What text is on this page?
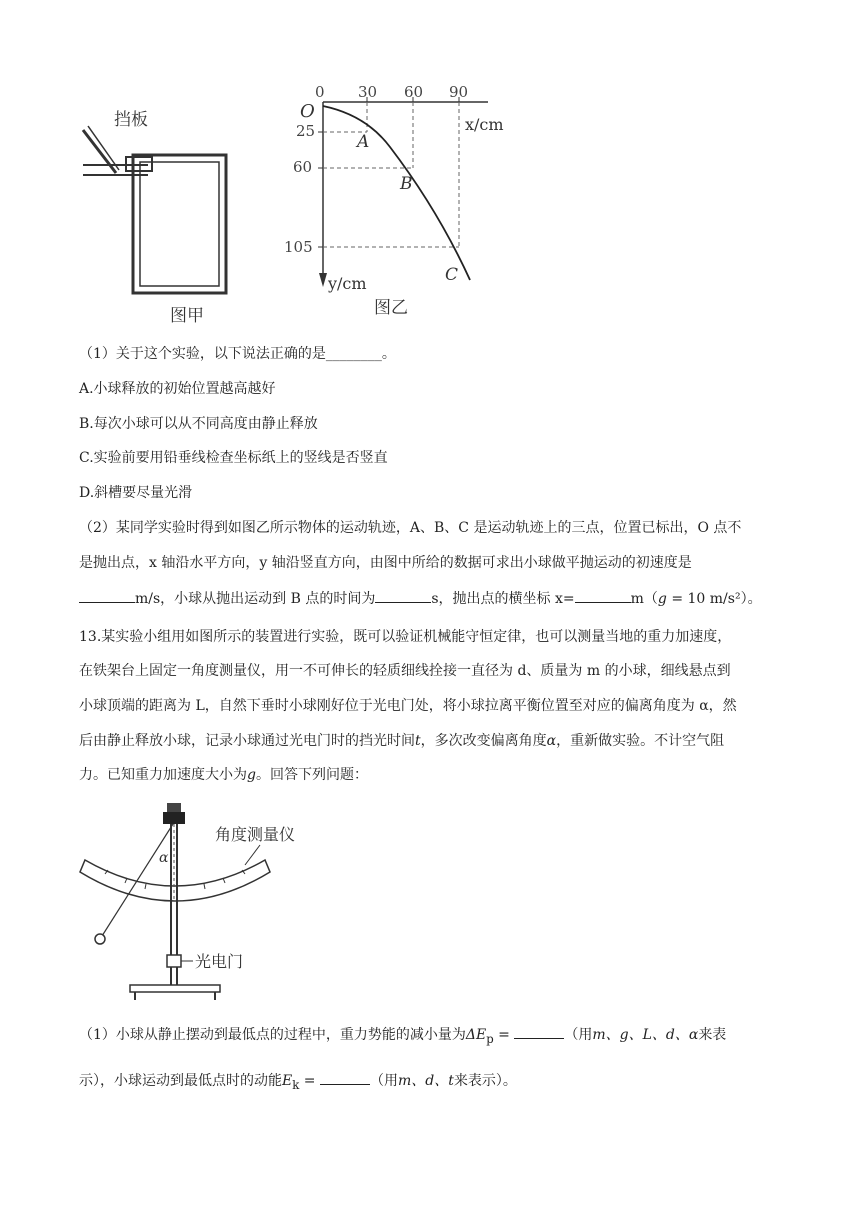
挡板
图甲
0 30 60 90
O
x/cm
y/cm
25
60
105
A
B
C
图乙
（1）关于这个实验，以下说法正确的是________。
A.小球释放的初始位置越高越好
B.每次小球可以从不同高度由静止释放
C.实验前要用铅垂线检查坐标纸上的竖线是否竖直
D.斜槽要尽量光滑
（2）某同学实验时得到如图乙所示物体的运动轨迹，A、B、C 是运动轨迹上的三点，位置已标出，O 点不
是抛出点，x 轴沿水平方向，y 轴沿竖直方向，由图中所给的数据可求出小球做平抛运动的初速度是
m/s，小球从抛出运动到 B 点的时间为	s，抛出点的横坐标 x=	m（g = 10 m/s²）。
13.某实验小组用如图所示的装置进行实验，既可以验证机械能守恒定律，也可以测量当地的重力加速度，
在铁架台上固定一角度测量仪，用一不可伸长的轻质细线拴接一直径为 d、质量为 m 的小球，细线悬点到
小球顶端的距离为 L，自然下垂时小球刚好位于光电门处，将小球拉离平衡位置至对应的偏离角度为 α，然
后由静止释放小球，记录小球通过光电门时的挡光时间t，多次改变偏离角度α，重新做实验。不计空气阻
力。已知重力加速度大小为g。回答下列问题：
α
角度测量仪
光电门
（1）小球从静止摆动到最低点的过程中，重力势能的减小量为$\Delta E_p$ =	（用m、g、L、d、α来表
示），小球运动到最低点时的动能$E_k$ =	（用m、d、t来表示）。
